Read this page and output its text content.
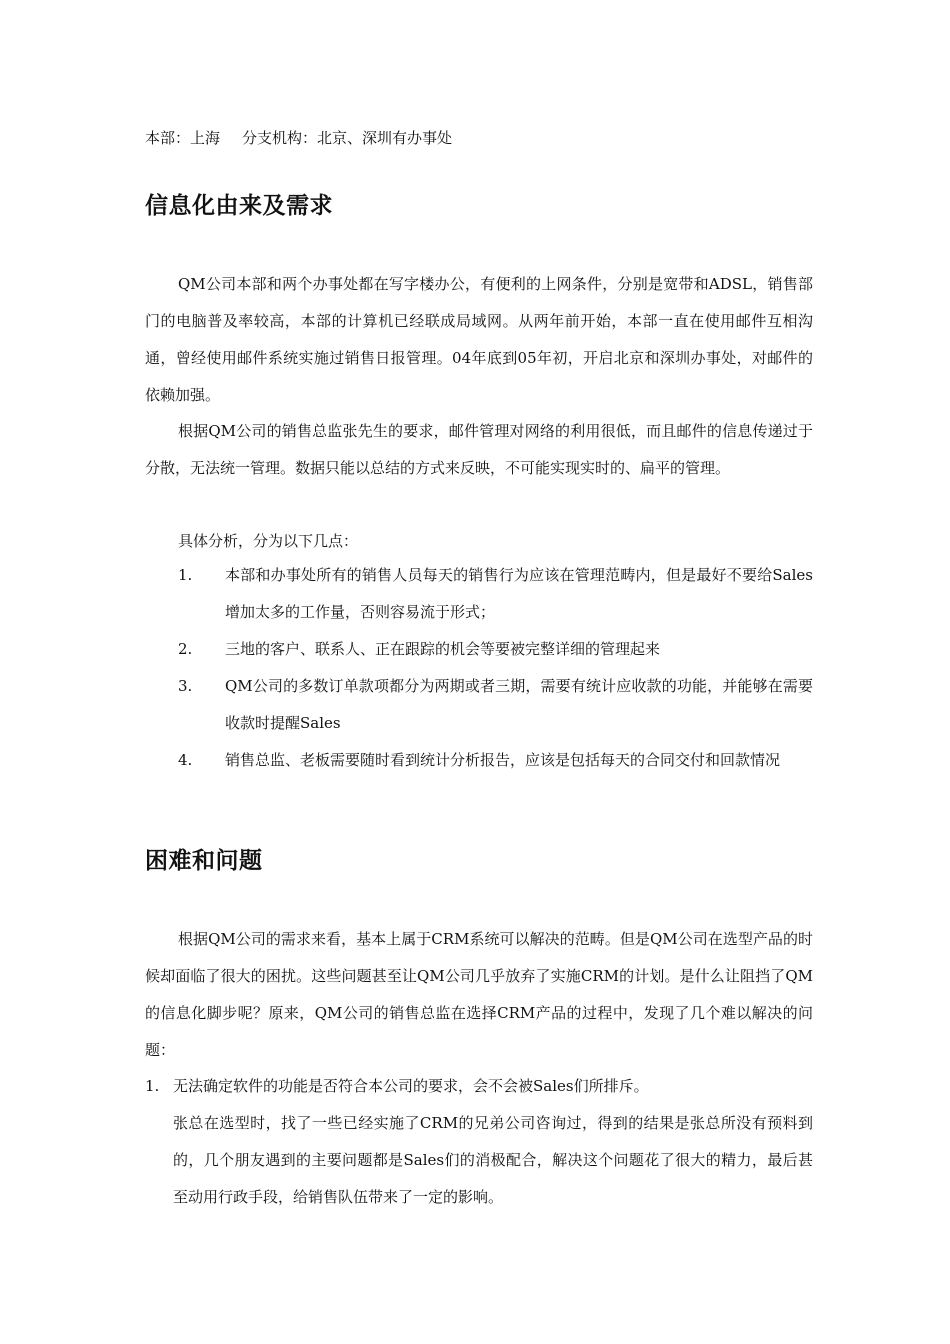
本部：上海 分支机构：北京、深圳有办事处
信息化由来及需求

QM公司本部和两个办事处都在写字楼办公，有便利的上网条件，分别是宽带和ADSL，销售部门的电脑普及率较高，本部的计算机已经联成局域网。从两年前开始，本部一直在使用邮件互相沟通，曾经使用邮件系统实施过销售日报管理。04年底到05年初，开启北京和深圳办事处，对邮件的依赖加强。

根据QM公司的销售总监张先生的要求，邮件管理对网络的利用很低，而且邮件的信息传递过于分散，无法统一管理。数据只能以总结的方式来反映，不可能实现实时的、扁平的管理。

具体分析，分为以下几点：

1. 本部和办事处所有的销售人员每天的销售行为应该在管理范畴内，但是最好不要给Sales增加太多的工作量，否则容易流于形式；
2. 三地的客户、联系人、正在跟踪的机会等要被完整详细的管理起来
3. QM公司的多数订单款项都分为两期或者三期，需要有统计应收款的功能，并能够在需要收款时提醒Sales
4. 销售总监、老板需要随时看到统计分析报告，应该是包括每天的合同交付和回款情况
困难和问题

根据QM公司的需求来看，基本上属于CRM系统可以解决的范畴。但是QM公司在选型产品的时候却面临了很大的困扰。这些问题甚至让QM公司几乎放弃了实施CRM的计划。是什么让阻挡了QM的信息化脚步呢？原来，QM公司的销售总监在选择CRM产品的过程中，发现了几个难以解决的问题：

1. 无法确定软件的功能是否符合本公司的要求，会不会被Sales们所排斥。

张总在选型时，找了一些已经实施了CRM的兄弟公司咨询过，得到的结果是张总所没有预料到的，几个朋友遇到的主要问题都是Sales们的消极配合，解决这个问题花了很大的精力，最后甚至动用行政手段，给销售队伍带来了一定的影响。
